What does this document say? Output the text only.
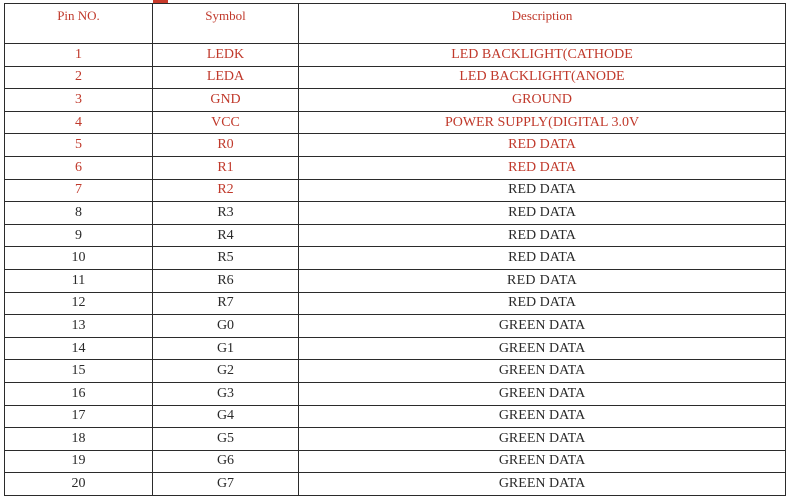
Pin NO.	Symbol	Description
1	LEDK	LED BACKLIGHT(CATHODE
2	LEDA	LED BACKLIGHT(ANODE
3	GND	GROUND
4	VCC	POWER SUPPLY(DIGITAL 3.0V
5	R0	RED DATA
6	R1	RED DATA
7	R2	RED DATA
8	R3	RED DATA
9	R4	RED DATA
10	R5	RED DATA
11	R6	RED DATA
12	R7	RED DATA
13	G0	GREEN DATA
14	G1	GREEN DATA
15	G2	GREEN DATA
16	G3	GREEN DATA
17	G4	GREEN DATA
18	G5	GREEN DATA
19	G6	GREEN DATA
20	G7	GREEN DATA
